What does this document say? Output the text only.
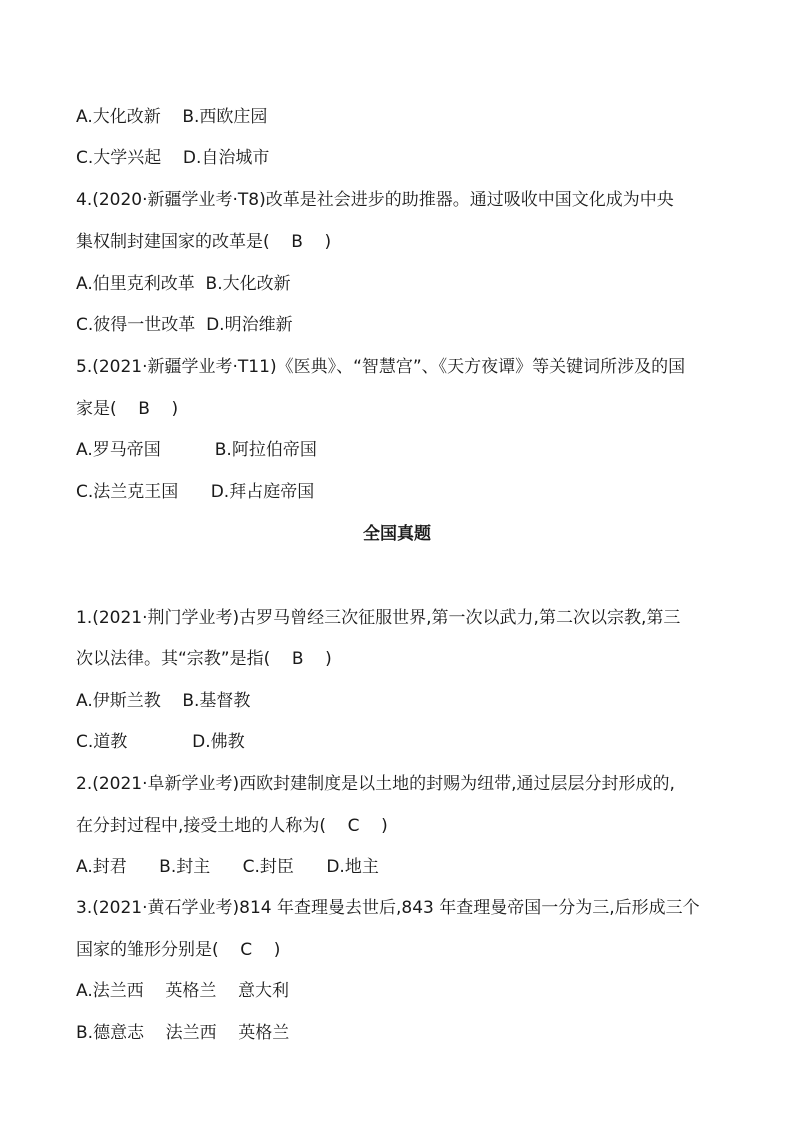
A.大化改新    B.西欧庄园
C.大学兴起    D.自治城市
4.(2020·新疆学业考·T8)改革是社会进步的助推器。通过吸收中国文化成为中央
集权制封建国家的改革是(    B    )
A.伯里克利改革  B.大化改新
C.彼得一世改革  D.明治维新
5.(2021·新疆学业考·T11)《医典》、“智慧宫”、《天方夜谭》等关键词所涉及的国
家是(    B    )
A.罗马帝国          B.阿拉伯帝国
C.法兰克王国      D.拜占庭帝国
全国真题
1.(2021·荆门学业考)古罗马曾经三次征服世界,第一次以武力,第二次以宗教,第三
次以法律。其“宗教”是指(    B    )
A.伊斯兰教    B.基督教
C.道教            D.佛教
2.(2021·阜新学业考)西欧封建制度是以土地的封赐为纽带,通过层层分封形成的,
在分封过程中,接受土地的人称为(    C    )
A.封君      B.封主      C.封臣      D.地主
3.(2021·黄石学业考)814 年查理曼去世后,843 年查理曼帝国一分为三,后形成三个
国家的雏形分别是(    C    )
A.法兰西    英格兰    意大利
B.德意志    法兰西    英格兰
